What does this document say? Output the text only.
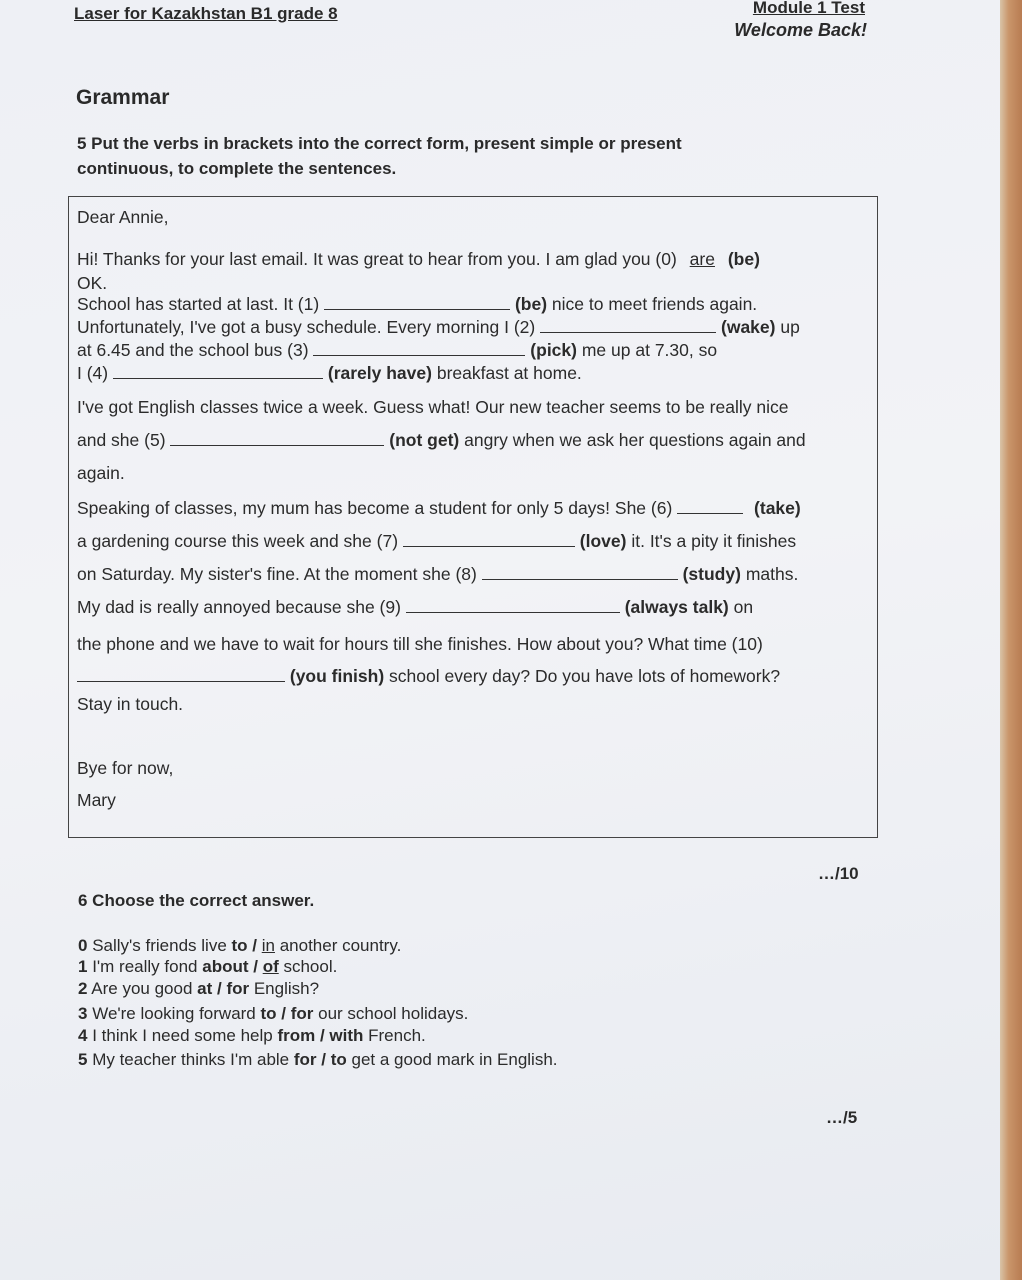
Laser for Kazakhstan B1 grade 8	Module 1 Test
Welcome Back!
Grammar
5 Put the verbs in brackets into the correct form, present simple or present
continuous, to complete the sentences.
Dear Annie,
Hi! Thanks for your last email. It was great to hear from you. I am glad you (0) are (be)
OK.
School has started at last. It (1)	(be) nice to meet friends again.
Unfortunately, I've got a busy schedule. Every morning I (2)	(wake) up
at 6.45 and the school bus (3)	(pick) me up at 7.30, so
I (4)	(rarely have) breakfast at home.
I've got English classes twice a week. Guess what! Our new teacher seems to be really nice
and she (5)	(not get) angry when we ask her questions again and
again.
Speaking of classes, my mum has become a student for only 5 days! She (6)	(take)
a gardening course this week and she (7)	(love) it. It's a pity it finishes
on Saturday. My sister's fine. At the moment she (8)	(study) maths.
My dad is really annoyed because she (9)	(always talk) on
the phone and we have to wait for hours till she finishes. How about you? What time (10)
(you finish) school every day? Do you have lots of homework?
Stay in touch.
Bye for now,
Mary
…/10
6 Choose the correct answer.
0 Sally's friends live to / in another country.
1 I'm really fond about / of school.
2 Are you good at / for English?
3 We're looking forward to / for our school holidays.
4 I think I need some help from / with French.
5 My teacher thinks I'm able for / to get a good mark in English.
…/5
